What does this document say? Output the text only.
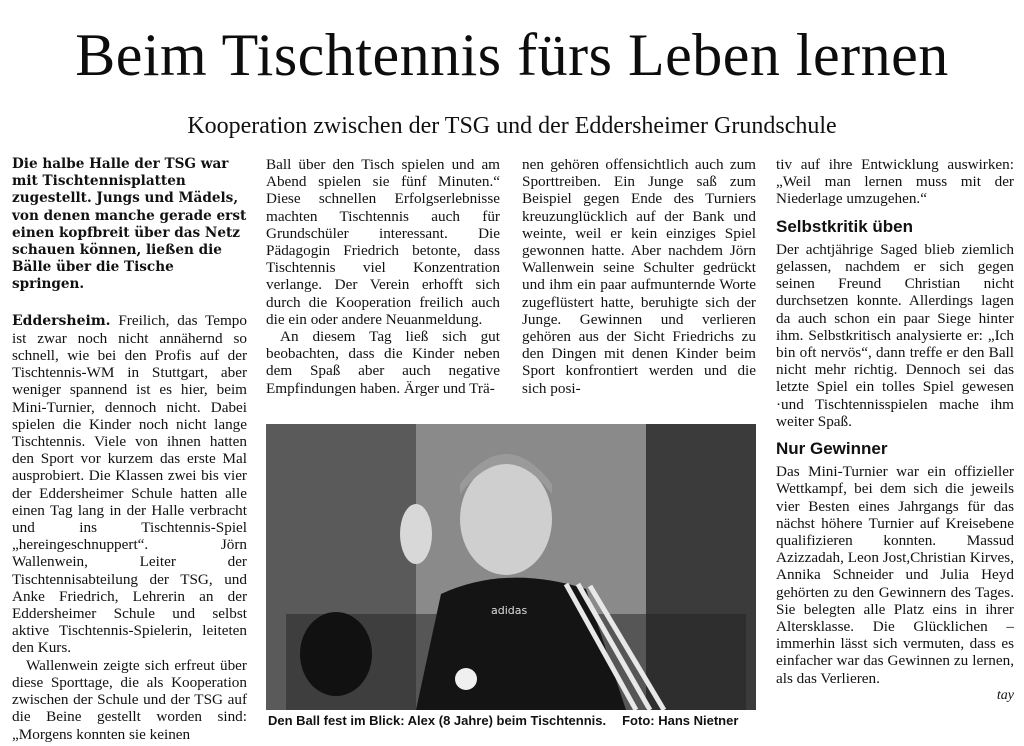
Beim Tischtennis fürs Leben lernen
Kooperation zwischen der TSG und der Eddersheimer Grundschule

Die halbe Halle der TSG war mit Tischtennisplatten zugestellt. Jungs und Mädels, von denen manche gerade erst einen kopfbreit über das Netz schauen können, ließen die Bälle über die Tische springen.

Eddersheim. Freilich, das Tempo ist zwar noch nicht annähernd so schnell, wie bei den Profis auf der Tischtennis-WM in Stuttgart, aber weniger spannend ist es hier, beim Mini-Turnier, dennoch nicht. Dabei spielen die Kinder noch nicht lange Tischtennis. Viele von ihnen hatten den Sport vor kurzem das erste Mal ausprobiert. Die Klassen zwei bis vier der Eddersheimer Schule hatten alle einen Tag lang in der Halle verbracht und ins Tischtennis-Spiel „hereingeschnuppert“. Jörn Wallenwein, Leiter der Tischtennisabteilung der TSG, und Anke Friedrich, Lehrerin an der Eddersheimer Schule und selbst aktive Tischtennis-Spielerin, leiteten den Kurs.

Wallenwein zeigte sich erfreut über diese Sporttage, die als Kooperation zwischen der Schule und der TSG auf die Beine gestellt worden sind: „Morgens konnten sie keinen

Ball über den Tisch spielen und am Abend spielen sie fünf Minuten.“ Diese schnellen Erfolgserlebnisse machten Tischtennis auch für Grundschüler interessant. Die Pädagogin Friedrich betonte, dass Tischtennis viel Konzentration verlange. Der Verein erhofft sich durch die Kooperation freilich auch die ein oder andere Neuanmeldung.

An diesem Tag ließ sich gut beobachten, dass die Kinder neben dem Spaß aber auch negative Empfindungen haben. Ärger und Trä-

nen gehören offensichtlich auch zum Sporttreiben. Ein Junge saß zum Beispiel gegen Ende des Turniers kreuzunglücklich auf der Bank und weinte, weil er kein einziges Spiel gewonnen hatte. Aber nachdem Jörn Wallenwein seine Schulter gedrückt und ihm ein paar aufmunternde Worte zugeflüstert hatte, beruhigte sich der Junge. Gewinnen und verlieren gehören aus der Sicht Friedrichs zu den Dingen mit denen Kinder beim Sport konfrontiert werden und die sich posi-

tiv auf ihre Entwicklung auswirken: „Weil man lernen muss mit der Niederlage umzugehen.“

Selbstkritik üben

Der achtjährige Saged blieb ziemlich gelassen, nachdem er sich gegen seinen Freund Christian nicht durchsetzen konnte. Allerdings lagen da auch schon ein paar Siege hinter ihm. Selbstkritisch analysierte er: „Ich bin oft nervös“, dann treffe er den Ball nicht mehr richtig. Dennoch sei das letzte Spiel ein tolles Spiel gewesen ·und Tischtennisspielen mache ihm weiter Spaß.

Nur Gewinner

Das Mini-Turnier war ein offizieller Wettkampf, bei dem sich die jeweils vier Besten eines Jahrgangs für das nächst höhere Turnier auf Kreisebene qualifizieren konnten. Massud Azizzadah, Leon Jost,Christian Kirves, Annika Schneider und Julia Heyd gehörten zu den Gewinnern des Tages. Sie belegten alle Platz eins in ihrer Altersklasse. Die Glücklichen – immerhin lässt sich vermuten, dass es einfacher war das Gewinnen zu lernen, als das Verlieren.

tay

adidas
Den Ball fest im Blick: Alex (8 Jahre) beim Tischtennis. Foto: Hans Nietner
